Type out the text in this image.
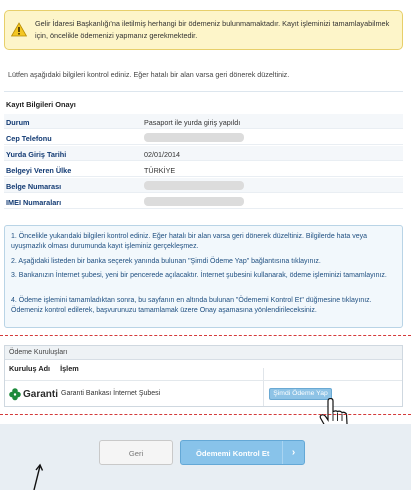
Gelir İdaresi Başkanlığı'na iletilmiş herhangi bir ödemeniz bulunmamaktadır. Kayıt işleminizi tamamlayabilmek için, öncelikle ödemenizi yapmanız gerekmektedir.
Lütfen aşağıdaki bilgileri kontrol ediniz. Eğer hatalı bir alan varsa geri dönerek düzeltiniz.
Kayıt Bilgileri Onayı
Durum	Pasaport ile yurda giriş yapıldı
Cep Telefonu
Yurda Giriş Tarihi	02/01/2014
Belgeyi Veren Ülke	TÜRKİYE
Belge Numarası
IMEI Numaraları
1. Öncelikle yukarıdaki bilgileri kontrol ediniz. Eğer hatalı bir alan varsa geri dönerek düzeltiniz. Bilgilerde hata veya uyuşmazlık olması durumunda kayıt işleminiz gerçekleşmez.
2. Aşağıdaki listeden bir banka seçerek yanında bulunan "Şimdi Ödeme Yap" bağlantısına tıklayınız.
3. Bankanızın İnternet şubesi, yeni bir pencerede açılacaktır. İnternet şubesini kullanarak, ödeme işleminizi tamamlayınız.
4. Ödeme işlemini tamamladıktan sonra, bu sayfanın en altında bulunan "Ödememi Kontrol Et" düğmesine tıklayınız. Ödemeniz kontrol edilerek, başvurunuzu tamamlamak üzere Onay aşamasına yönlendirileceksiniz.
Ödeme Kuruluşları
Kuruluş Adı İşlem
Garanti Garanti Bankası İnternet Şubesi	Şimdi Ödeme Yap
Geri	Ödememi Kontrol Et	›
